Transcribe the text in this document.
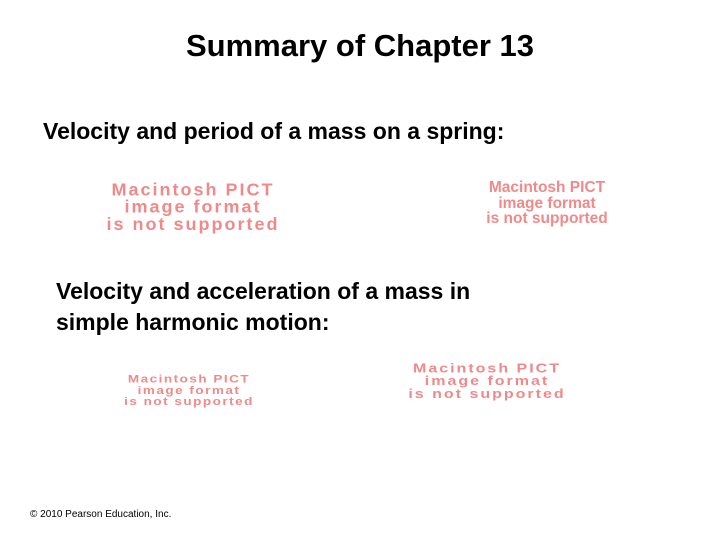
Summary of Chapter 13
Velocity and period of a mass on a spring:
Macintosh PICT
image format
is not supported
Macintosh PICT
image format
is not supported
Velocity and acceleration of a mass in
simple harmonic motion:
Macintosh PICT
image format
is not supported
Macintosh PICT
image format
is not supported
© 2010 Pearson Education, Inc.
